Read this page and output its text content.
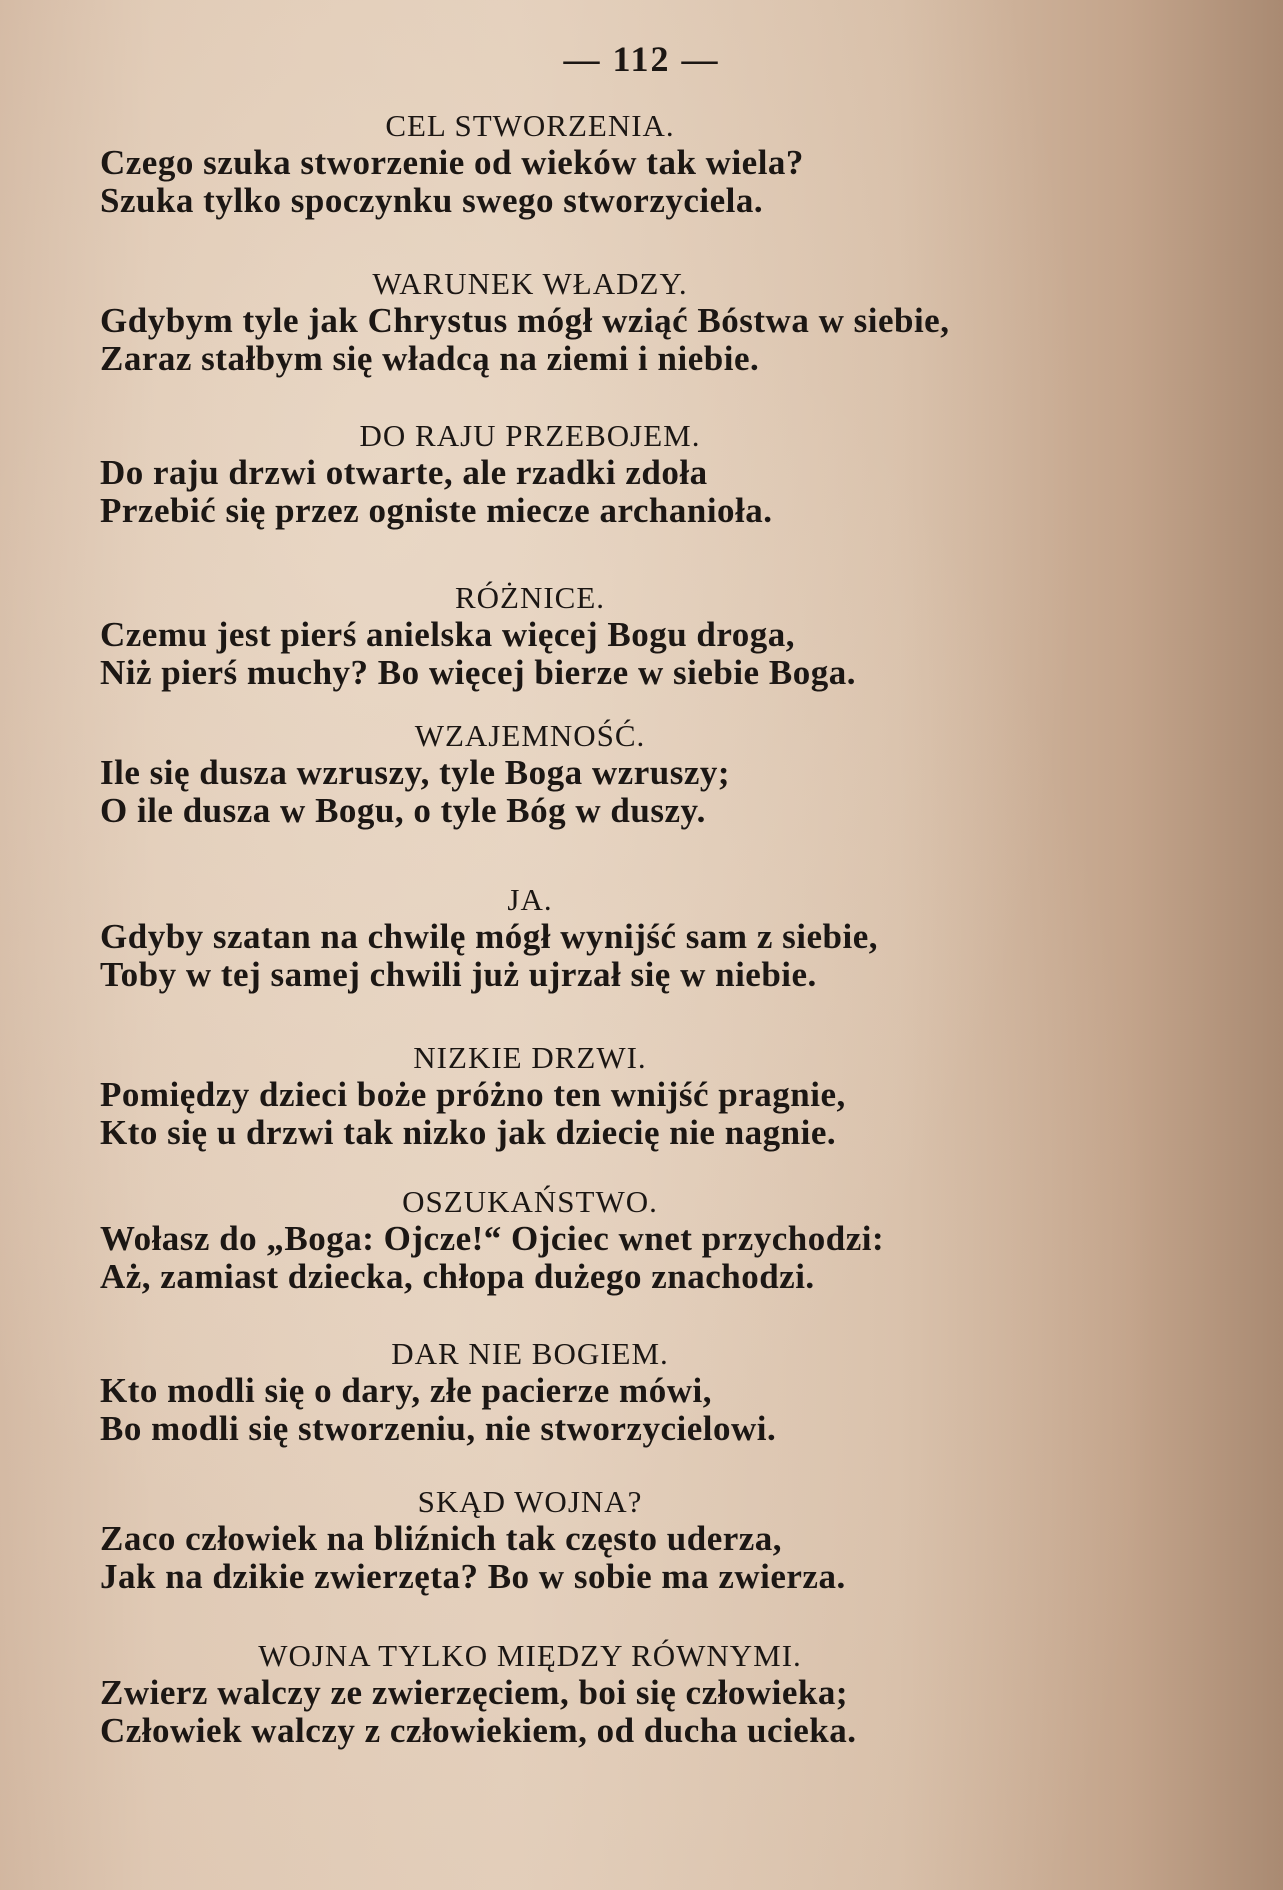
— 112 —
CEL STWORZENIA.
Czego szuka stworzenie od wieków tak wiela?
Szuka tylko spoczynku swego stworzyciela.
WARUNEK WŁADZY.
Gdybym tyle jak Chrystus mógł wziąć Bóstwa w siebie,
Zaraz stałbym się władcą na ziemi i niebie.
DO RAJU PRZEBOJEM.
Do raju drzwi otwarte, ale rzadki zdoła
Przebić się przez ogniste miecze archanioła.
RÓŻNICE.
Czemu jest pierś anielska więcej Bogu droga,
Niż pierś muchy? Bo więcej bierze w siebie Boga.
WZAJEMNOŚĆ.
Ile się dusza wzruszy, tyle Boga wzruszy;
O ile dusza w Bogu, o tyle Bóg w duszy.
JA.
Gdyby szatan na chwilę mógł wynijść sam z siebie,
Toby w tej samej chwili już ujrzał się w niebie.
NIZKIE DRZWI.
Pomiędzy dzieci boże próżno ten wnijść pragnie,
Kto się u drzwi tak nizko jak dziecię nie nagnie.
OSZUKAŃSTWO.
Wołasz do „Boga: Ojcze!“ Ojciec wnet przychodzi:
Aż, zamiast dziecka, chłopa dużego znachodzi.
DAR NIE BOGIEM.
Kto modli się o dary, złe pacierze mówi,
Bo modli się stworzeniu, nie stworzycielowi.
SKĄD WOJNA?
Zaco człowiek na bliźnich tak często uderza,
Jak na dzikie zwierzęta? Bo w sobie ma zwierza.
WOJNA TYLKO MIĘDZY RÓWNYMI.
Zwierz walczy ze zwierzęciem, boi się człowieka;
Człowiek walczy z człowiekiem, od ducha ucieka.
